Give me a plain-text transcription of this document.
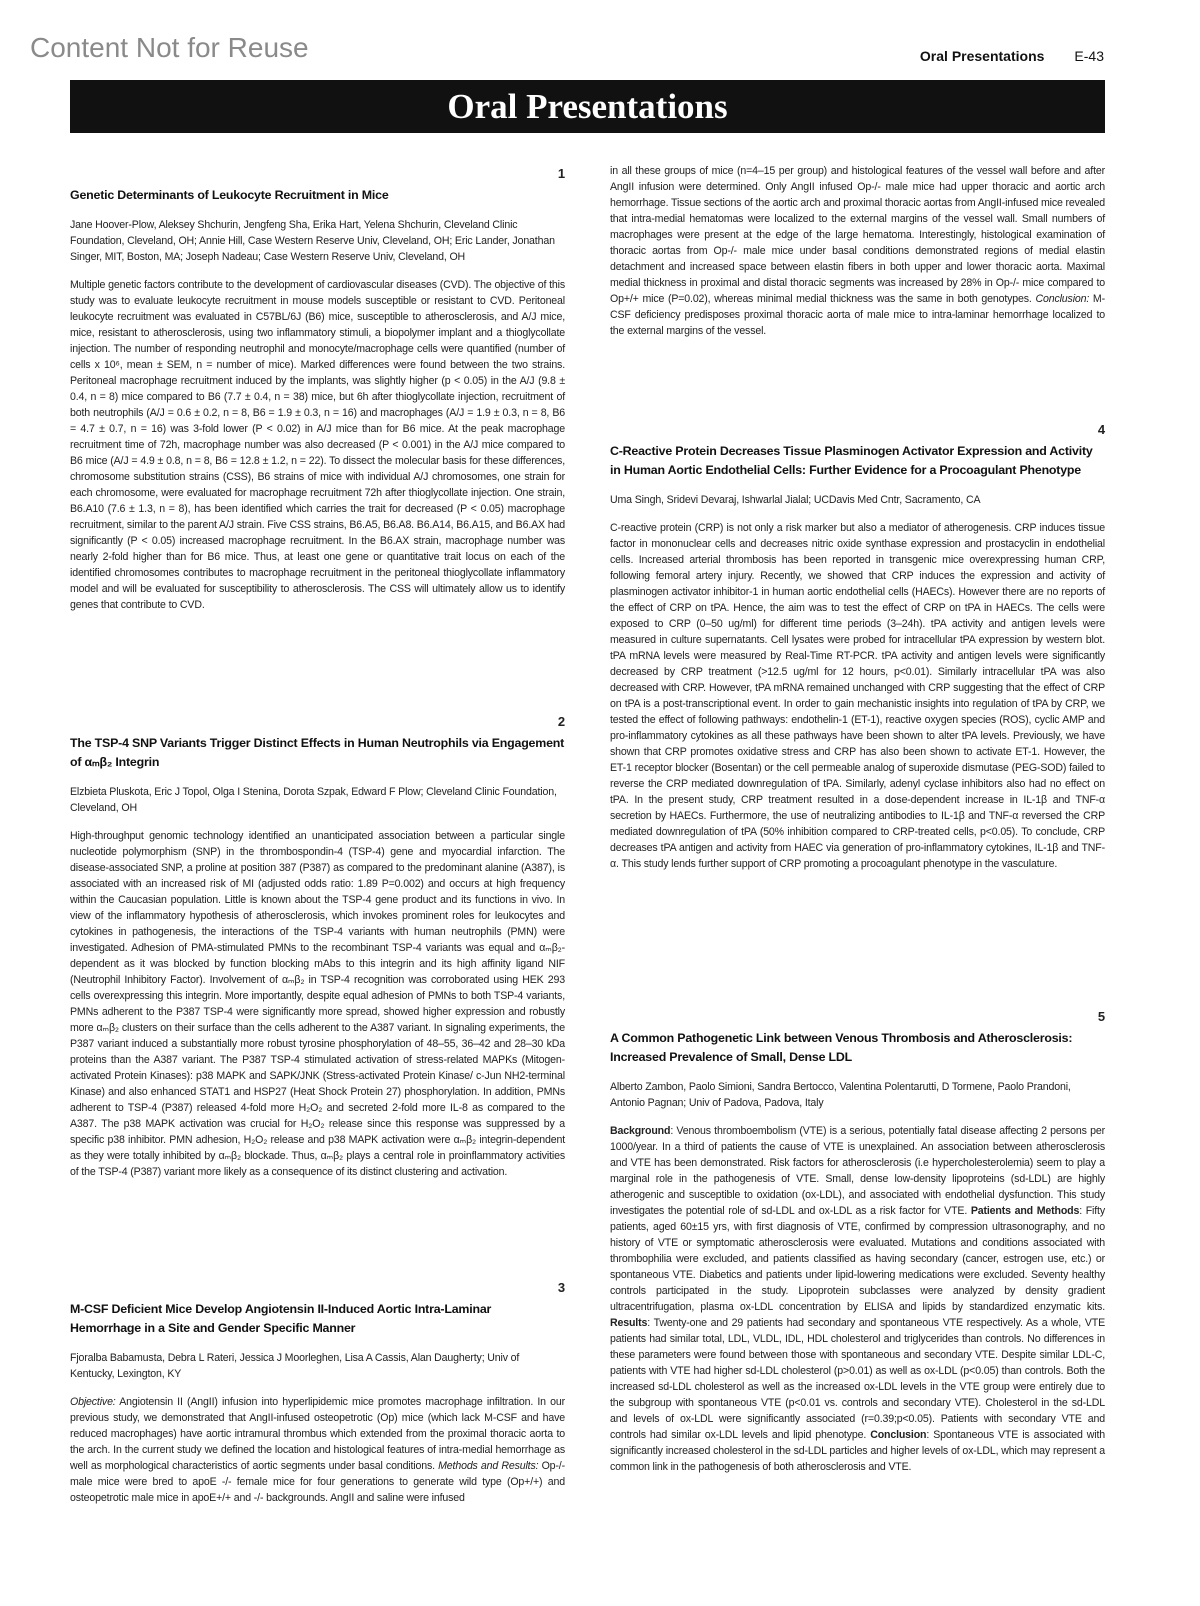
Content Not for Reuse	Oral Presentations E-43
Oral Presentations
1
Genetic Determinants of Leukocyte Recruitment in Mice
Jane Hoover-Plow, Aleksey Shchurin, Jengfeng Sha, Erika Hart, Yelena Shchurin, Cleveland Clinic Foundation, Cleveland, OH; Annie Hill, Case Western Reserve Univ, Cleveland, OH; Eric Lander, Jonathan Singer, MIT, Boston, MA; Joseph Nadeau; Case Western Reserve Univ, Cleveland, OH
Multiple genetic factors contribute to the development of cardiovascular diseases (CVD). The objective of this study was to evaluate leukocyte recruitment in mouse models susceptible or resistant to CVD. Peritoneal leukocyte recruitment was evaluated in C57BL/6J (B6) mice, susceptible to atherosclerosis, and A/J mice, mice, resistant to atherosclerosis, using two inflammatory stimuli, a biopolymer implant and a thioglycollate injection. The number of responding neutrophil and monocyte/macrophage cells were quantified (number of cells x 10⁶, mean ± SEM, n = number of mice). Marked differences were found between the two strains. Peritoneal macrophage recruitment induced by the implants, was slightly higher (p < 0.05) in the A/J (9.8 ± 0.4, n = 8) mice compared to B6 (7.7 ± 0.4, n = 38) mice, but 6h after thioglycollate injection, recruitment of both neutrophils (A/J = 0.6 ± 0.2, n = 8, B6 = 1.9 ± 0.3, n = 16) and macrophages (A/J = 1.9 ± 0.3, n = 8, B6 = 4.7 ± 0.7, n = 16) was 3-fold lower (P < 0.02) in A/J mice than for B6 mice. At the peak macrophage recruitment time of 72h, macrophage number was also decreased (P < 0.001) in the A/J mice compared to B6 mice (A/J = 4.9 ± 0.8, n = 8, B6 = 12.8 ± 1.2, n = 22). To dissect the molecular basis for these differences, chromosome substitution strains (CSS), B6 strains of mice with individual A/J chromosomes, one strain for each chromosome, were evaluated for macrophage recruitment 72h after thioglycollate injection. One strain, B6.A10 (7.6 ± 1.3, n = 8), has been identified which carries the trait for decreased (P < 0.05) macrophage recruitment, similar to the parent A/J strain. Five CSS strains, B6.A5, B6.A8. B6.A14, B6.A15, and B6.AX had significantly (P < 0.05) increased macrophage recruitment. In the B6.AX strain, macrophage number was nearly 2-fold higher than for B6 mice. Thus, at least one gene or quantitative trait locus on each of the identified chromosomes contributes to macrophage recruitment in the peritoneal thioglycollate inflammatory model and will be evaluated for susceptibility to atherosclerosis. The CSS will ultimately allow us to identify genes that contribute to CVD.
2
The TSP-4 SNP Variants Trigger Distinct Effects in Human Neutrophils via Engagement of αₘβ₂ Integrin
Elzbieta Pluskota, Eric J Topol, Olga I Stenina, Dorota Szpak, Edward F Plow; Cleveland Clinic Foundation, Cleveland, OH
High-throughput genomic technology identified an unanticipated association between a particular single nucleotide polymorphism (SNP) in the thrombospondin-4 (TSP-4) gene and myocardial infarction. The disease-associated SNP, a proline at position 387 (P387) as compared to the predominant alanine (A387), is associated with an increased risk of MI (adjusted odds ratio: 1.89 P=0.002) and occurs at high frequency within the Caucasian population. Little is known about the TSP-4 gene product and its functions in vivo. In view of the inflammatory hypothesis of atherosclerosis, which invokes prominent roles for leukocytes and cytokines in pathogenesis, the interactions of the TSP-4 variants with human neutrophils (PMN) were investigated. Adhesion of PMA-stimulated PMNs to the recombinant TSP-4 variants was equal and αₘβ₂-dependent as it was blocked by function blocking mAbs to this integrin and its high affinity ligand NIF (Neutrophil Inhibitory Factor). Involvement of αₘβ₂ in TSP-4 recognition was corroborated using HEK 293 cells overexpressing this integrin. More importantly, despite equal adhesion of PMNs to both TSP-4 variants, PMNs adherent to the P387 TSP-4 were significantly more spread, showed higher expression and robustly more αₘβ₂ clusters on their surface than the cells adherent to the A387 variant. In signaling experiments, the P387 variant induced a substantially more robust tyrosine phosphorylation of 48–55, 36–42 and 28–30 kDa proteins than the A387 variant. The P387 TSP-4 stimulated activation of stress-related MAPKs (Mitogen-activated Protein Kinases): p38 MAPK and SAPK/JNK (Stress-activated Protein Kinase/ c-Jun NH2-terminal Kinase) and also enhanced STAT1 and HSP27 (Heat Shock Protein 27) phosphorylation. In addition, PMNs adherent to TSP-4 (P387) released 4-fold more H₂O₂ and secreted 2-fold more IL-8 as compared to the A387. The p38 MAPK activation was crucial for H₂O₂ release since this response was suppressed by a specific p38 inhibitor. PMN adhesion, H₂O₂ release and p38 MAPK activation were αₘβ₂ integrin-dependent as they were totally inhibited by αₘβ₂ blockade. Thus, αₘβ₂ plays a central role in proinflammatory activities of the TSP-4 (P387) variant more likely as a consequence of its distinct clustering and activation.
3
M-CSF Deficient Mice Develop Angiotensin II-Induced Aortic Intra-Laminar Hemorrhage in a Site and Gender Specific Manner
Fjoralba Babamusta, Debra L Rateri, Jessica J Moorleghen, Lisa A Cassis, Alan Daugherty; Univ of Kentucky, Lexington, KY
Objective: Angiotensin II (AngII) infusion into hyperlipidemic mice promotes macrophage infiltration. In our previous study, we demonstrated that AngII-infused osteopetrotic (Op) mice (which lack M-CSF and have reduced macrophages) have aortic intramural thrombus which extended from the proximal thoracic aorta to the arch. In the current study we defined the location and histological features of intra-medial hemorrhage as well as morphological characteristics of aortic segments under basal conditions. Methods and Results: Op-/- male mice were bred to apoE -/- female mice for four generations to generate wild type (Op+/+) and osteopetrotic male mice in apoE+/+ and -/- backgrounds. AngII and saline were infused
in all these groups of mice (n=4–15 per group) and histological features of the vessel wall before and after AngII infusion were determined. Only AngII infused Op-/- male mice had upper thoracic and aortic arch hemorrhage. Tissue sections of the aortic arch and proximal thoracic aortas from AngII-infused mice revealed that intra-medial hematomas were localized to the external margins of the vessel wall. Small numbers of macrophages were present at the edge of the large hematoma. Interestingly, histological examination of thoracic aortas from Op-/- male mice under basal conditions demonstrated regions of medial elastin detachment and increased space between elastin fibers in both upper and lower thoracic aorta. Maximal medial thickness in proximal and distal thoracic segments was increased by 28% in Op-/- mice compared to Op+/+ mice (P=0.02), whereas minimal medial thickness was the same in both genotypes. Conclusion: M-CSF deficiency predisposes proximal thoracic aorta of male mice to intra-laminar hemorrhage localized to the external margins of the vessel.
4
C-Reactive Protein Decreases Tissue Plasminogen Activator Expression and Activity in Human Aortic Endothelial Cells: Further Evidence for a Procoagulant Phenotype
Uma Singh, Sridevi Devaraj, Ishwarlal Jialal; UCDavis Med Cntr, Sacramento, CA
C-reactive protein (CRP) is not only a risk marker but also a mediator of atherogenesis. CRP induces tissue factor in mononuclear cells and decreases nitric oxide synthase expression and prostacyclin in endothelial cells. Increased arterial thrombosis has been reported in transgenic mice overexpressing human CRP, following femoral artery injury. Recently, we showed that CRP induces the expression and activity of plasminogen activator inhibitor-1 in human aortic endothelial cells (HAECs). However there are no reports of the effect of CRP on tPA. Hence, the aim was to test the effect of CRP on tPA in HAECs. The cells were exposed to CRP (0–50 ug/ml) for different time periods (3–24h). tPA activity and antigen levels were measured in culture supernatants. Cell lysates were probed for intracellular tPA expression by western blot. tPA mRNA levels were measured by Real-Time RT-PCR. tPA activity and antigen levels were significantly decreased by CRP treatment (>12.5 ug/ml for 12 hours, p<0.01). Similarly intracellular tPA was also decreased with CRP. However, tPA mRNA remained unchanged with CRP suggesting that the effect of CRP on tPA is a post-transcriptional event. In order to gain mechanistic insights into regulation of tPA by CRP, we tested the effect of following pathways: endothelin-1 (ET-1), reactive oxygen species (ROS), cyclic AMP and pro-inflammatory cytokines as all these pathways have been shown to alter tPA levels. Previously, we have shown that CRP promotes oxidative stress and CRP has also been shown to activate ET-1. However, the ET-1 receptor blocker (Bosentan) or the cell permeable analog of superoxide dismutase (PEG-SOD) failed to reverse the CRP mediated downregulation of tPA. Similarly, adenyl cyclase inhibitors also had no effect on tPA. In the present study, CRP treatment resulted in a dose-dependent increase in IL-1β and TNF-α secretion by HAECs. Furthermore, the use of neutralizing antibodies to IL-1β and TNF-α reversed the CRP mediated downregulation of tPA (50% inhibition compared to CRP-treated cells, p<0.05). To conclude, CRP decreases tPA antigen and activity from HAEC via generation of pro-inflammatory cytokines, IL-1β and TNF-α. This study lends further support of CRP promoting a procoagulant phenotype in the vasculature.
5
A Common Pathogenetic Link between Venous Thrombosis and Atherosclerosis: Increased Prevalence of Small, Dense LDL
Alberto Zambon, Paolo Simioni, Sandra Bertocco, Valentina Polentarutti, D Tormene, Paolo Prandoni, Antonio Pagnan; Univ of Padova, Padova, Italy
Background: Venous thromboembolism (VTE) is a serious, potentially fatal disease affecting 2 persons per 1000/year. In a third of patients the cause of VTE is unexplained. An association between atherosclerosis and VTE has been demonstrated. Risk factors for atherosclerosis (i.e hypercholesterolemia) seem to play a marginal role in the pathogenesis of VTE. Small, dense low-density lipoproteins (sd-LDL) are highly atherogenic and susceptible to oxidation (ox-LDL), and associated with endothelial dysfunction. This study investigates the potential role of sd-LDL and ox-LDL as a risk factor for VTE. Patients and Methods: Fifty patients, aged 60±15 yrs, with first diagnosis of VTE, confirmed by compression ultrasonography, and no history of VTE or symptomatic atherosclerosis were evaluated. Mutations and conditions associated with thrombophilia were excluded, and patients classified as having secondary (cancer, estrogen use, etc.) or spontaneous VTE. Diabetics and patients under lipid-lowering medications were excluded. Seventy healthy controls participated in the study. Lipoprotein subclasses were analyzed by density gradient ultracentrifugation, plasma ox-LDL concentration by ELISA and lipids by standardized enzymatic kits. Results: Twenty-one and 29 patients had secondary and spontaneous VTE respectively. As a whole, VTE patients had similar total, LDL, VLDL, IDL, HDL cholesterol and triglycerides than controls. No differences in these parameters were found between those with spontaneous and secondary VTE. Despite similar LDL-C, patients with VTE had higher sd-LDL cholesterol (p>0.01) as well as ox-LDL (p<0.05) than controls. Both the increased sd-LDL cholesterol as well as the increased ox-LDL levels in the VTE group were entirely due to the subgroup with spontaneous VTE (p<0.01 vs. controls and secondary VTE). Cholesterol in the sd-LDL and levels of ox-LDL were significantly associated (r=0.39;p<0.05). Patients with secondary VTE and controls had similar ox-LDL levels and lipid phenotype. Conclusion: Spontaneous VTE is associated with significantly increased cholesterol in the sd-LDL particles and higher levels of ox-LDL, which may represent a common link in the pathogenesis of both atherosclerosis and VTE.
